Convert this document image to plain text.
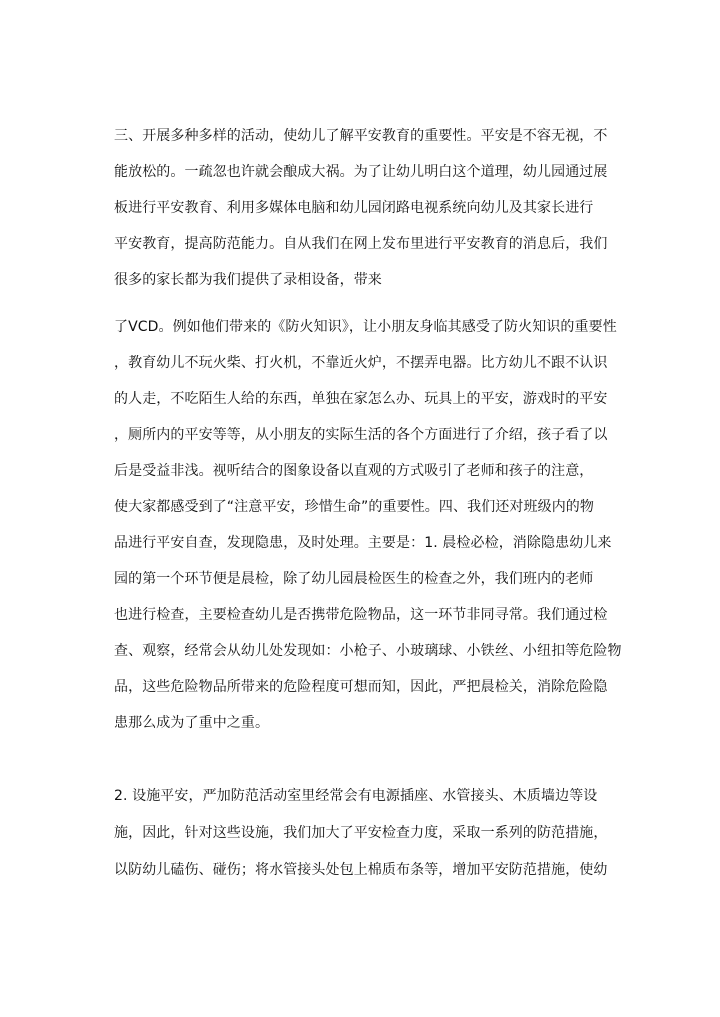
三、开展多种多样的活动，使幼儿了解平安教育的重要性。平安是不容无视，不
能放松的。一疏忽也许就会酿成大祸。为了让幼儿明白这个道理，幼儿园通过展
板进行平安教育、利用多媒体电脑和幼儿园闭路电视系统向幼儿及其家长进行
平安教育，提高防范能力。自从我们在网上发布里进行平安教育的消息后，我们
很多的家长都为我们提供了录相设备，带来
了VCD。例如他们带来的《防火知识》，让小朋友身临其感受了防火知识的重要性
，教育幼儿不玩火柴、打火机，不靠近火炉，不摆弄电器。比方幼儿不跟不认识
的人走，不吃陌生人给的东西，单独在家怎么办、玩具上的平安，游戏时的平安
，厕所内的平安等等，从小朋友的实际生活的各个方面进行了介绍，孩子看了以
后是受益非浅。视听结合的图象设备以直观的方式吸引了老师和孩子的注意，
使大家都感受到了“注意平安，珍惜生命”的重要性。四、我们还对班级内的物
品进行平安自查，发现隐患，及时处理。主要是：1. 晨检必检，消除隐患幼儿来
园的第一个环节便是晨检，除了幼儿园晨检医生的检查之外，我们班内的老师
也进行检查，主要检查幼儿是否携带危险物品，这一环节非同寻常。我们通过检
查、观察，经常会从幼儿处发现如：小枪子、小玻璃球、小铁丝、小纽扣等危险物
品，这些危险物品所带来的危险程度可想而知，因此，严把晨检关，消除危险隐
患那么成为了重中之重。
2. 设施平安，严加防范活动室里经常会有电源插座、水管接头、木质墙边等设
施，因此，针对这些设施，我们加大了平安检查力度，采取一系列的防范措施，
以防幼儿磕伤、碰伤；将水管接头处包上棉质布条等，增加平安防范措施，使幼
